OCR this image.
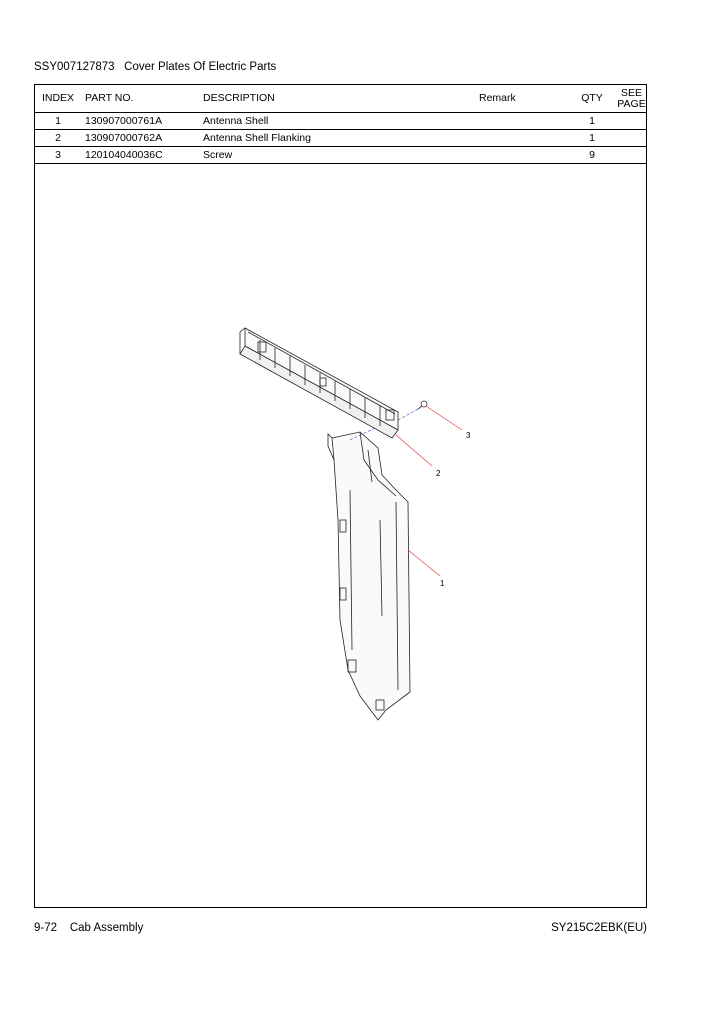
SSY007127873 Cover Plates Of Electric Parts
INDEX	PART NO.	DESCRIPTION	Remark	QTY	SEE
PAGE
1	130907000761A	Antenna Shell		1	
2	130907000762A	Antenna Shell Flanking		1	
3	120104040036C	Screw		9	
3
2
1
9-72 Cab Assembly	SY215C2EBK(EU)
